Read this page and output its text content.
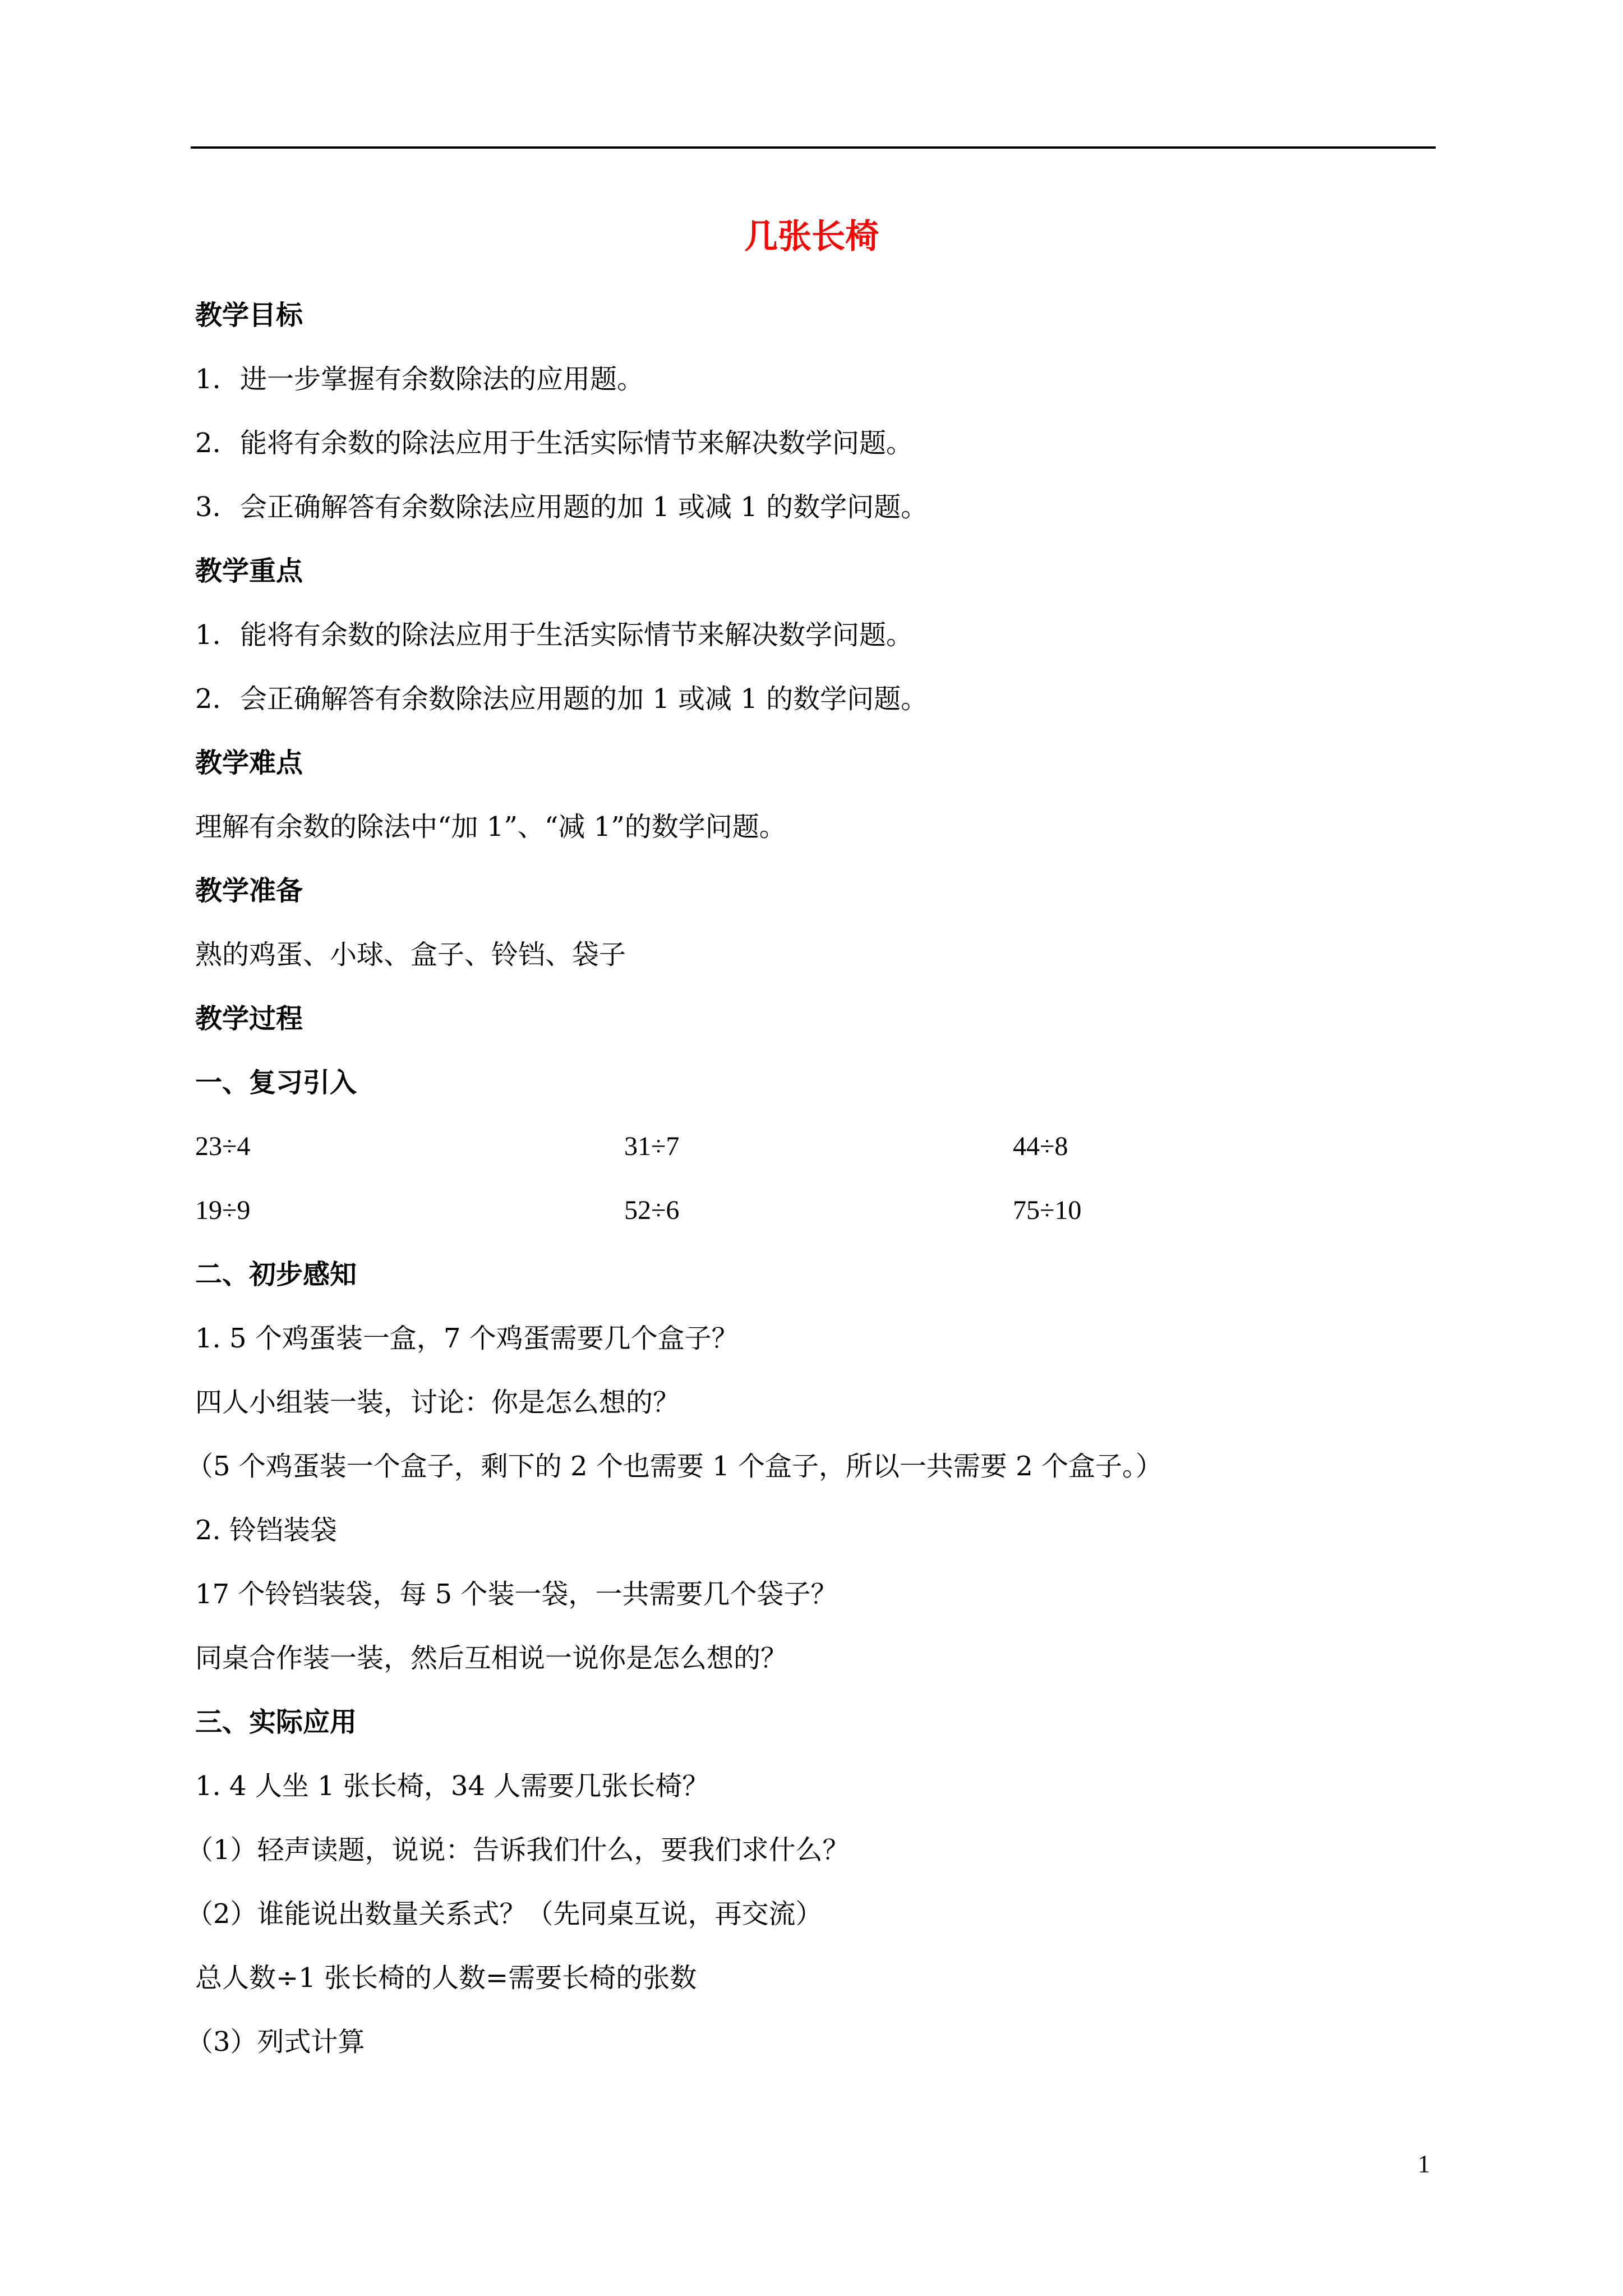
几张长椅
教学目标
1. 进一步掌握有余数除法的应用题。
2. 能将有余数的除法应用于生活实际情节来解决数学问题。
3. 会正确解答有余数除法应用题的加 1 或减 1 的数学问题。
教学重点
1. 能将有余数的除法应用于生活实际情节来解决数学问题。
2. 会正确解答有余数除法应用题的加 1 或减 1 的数学问题。
教学难点
理解有余数的除法中“加 1”、“减 1”的数学问题。
教学准备
熟的鸡蛋、小球、盒子、铃铛、袋子
教学过程
一、复习引入
23÷4	31÷7	44÷8
19÷9	52÷6	75÷10
二、初步感知
1. 5 个鸡蛋装一盒，7 个鸡蛋需要几个盒子？
四人小组装一装，讨论：你是怎么想的？
（5 个鸡蛋装一个盒子，剩下的 2 个也需要 1 个盒子，所以一共需要 2 个盒子。）
2. 铃铛装袋
17 个铃铛装袋，每 5 个装一袋，一共需要几个袋子？
同桌合作装一装，然后互相说一说你是怎么想的？
三、实际应用
1. 4 人坐 1 张长椅，34 人需要几张长椅？
（1）轻声读题，说说：告诉我们什么，要我们求什么？
（2）谁能说出数量关系式？（先同桌互说，再交流）
总人数÷1 张长椅的人数=需要长椅的张数
（3）列式计算
1
